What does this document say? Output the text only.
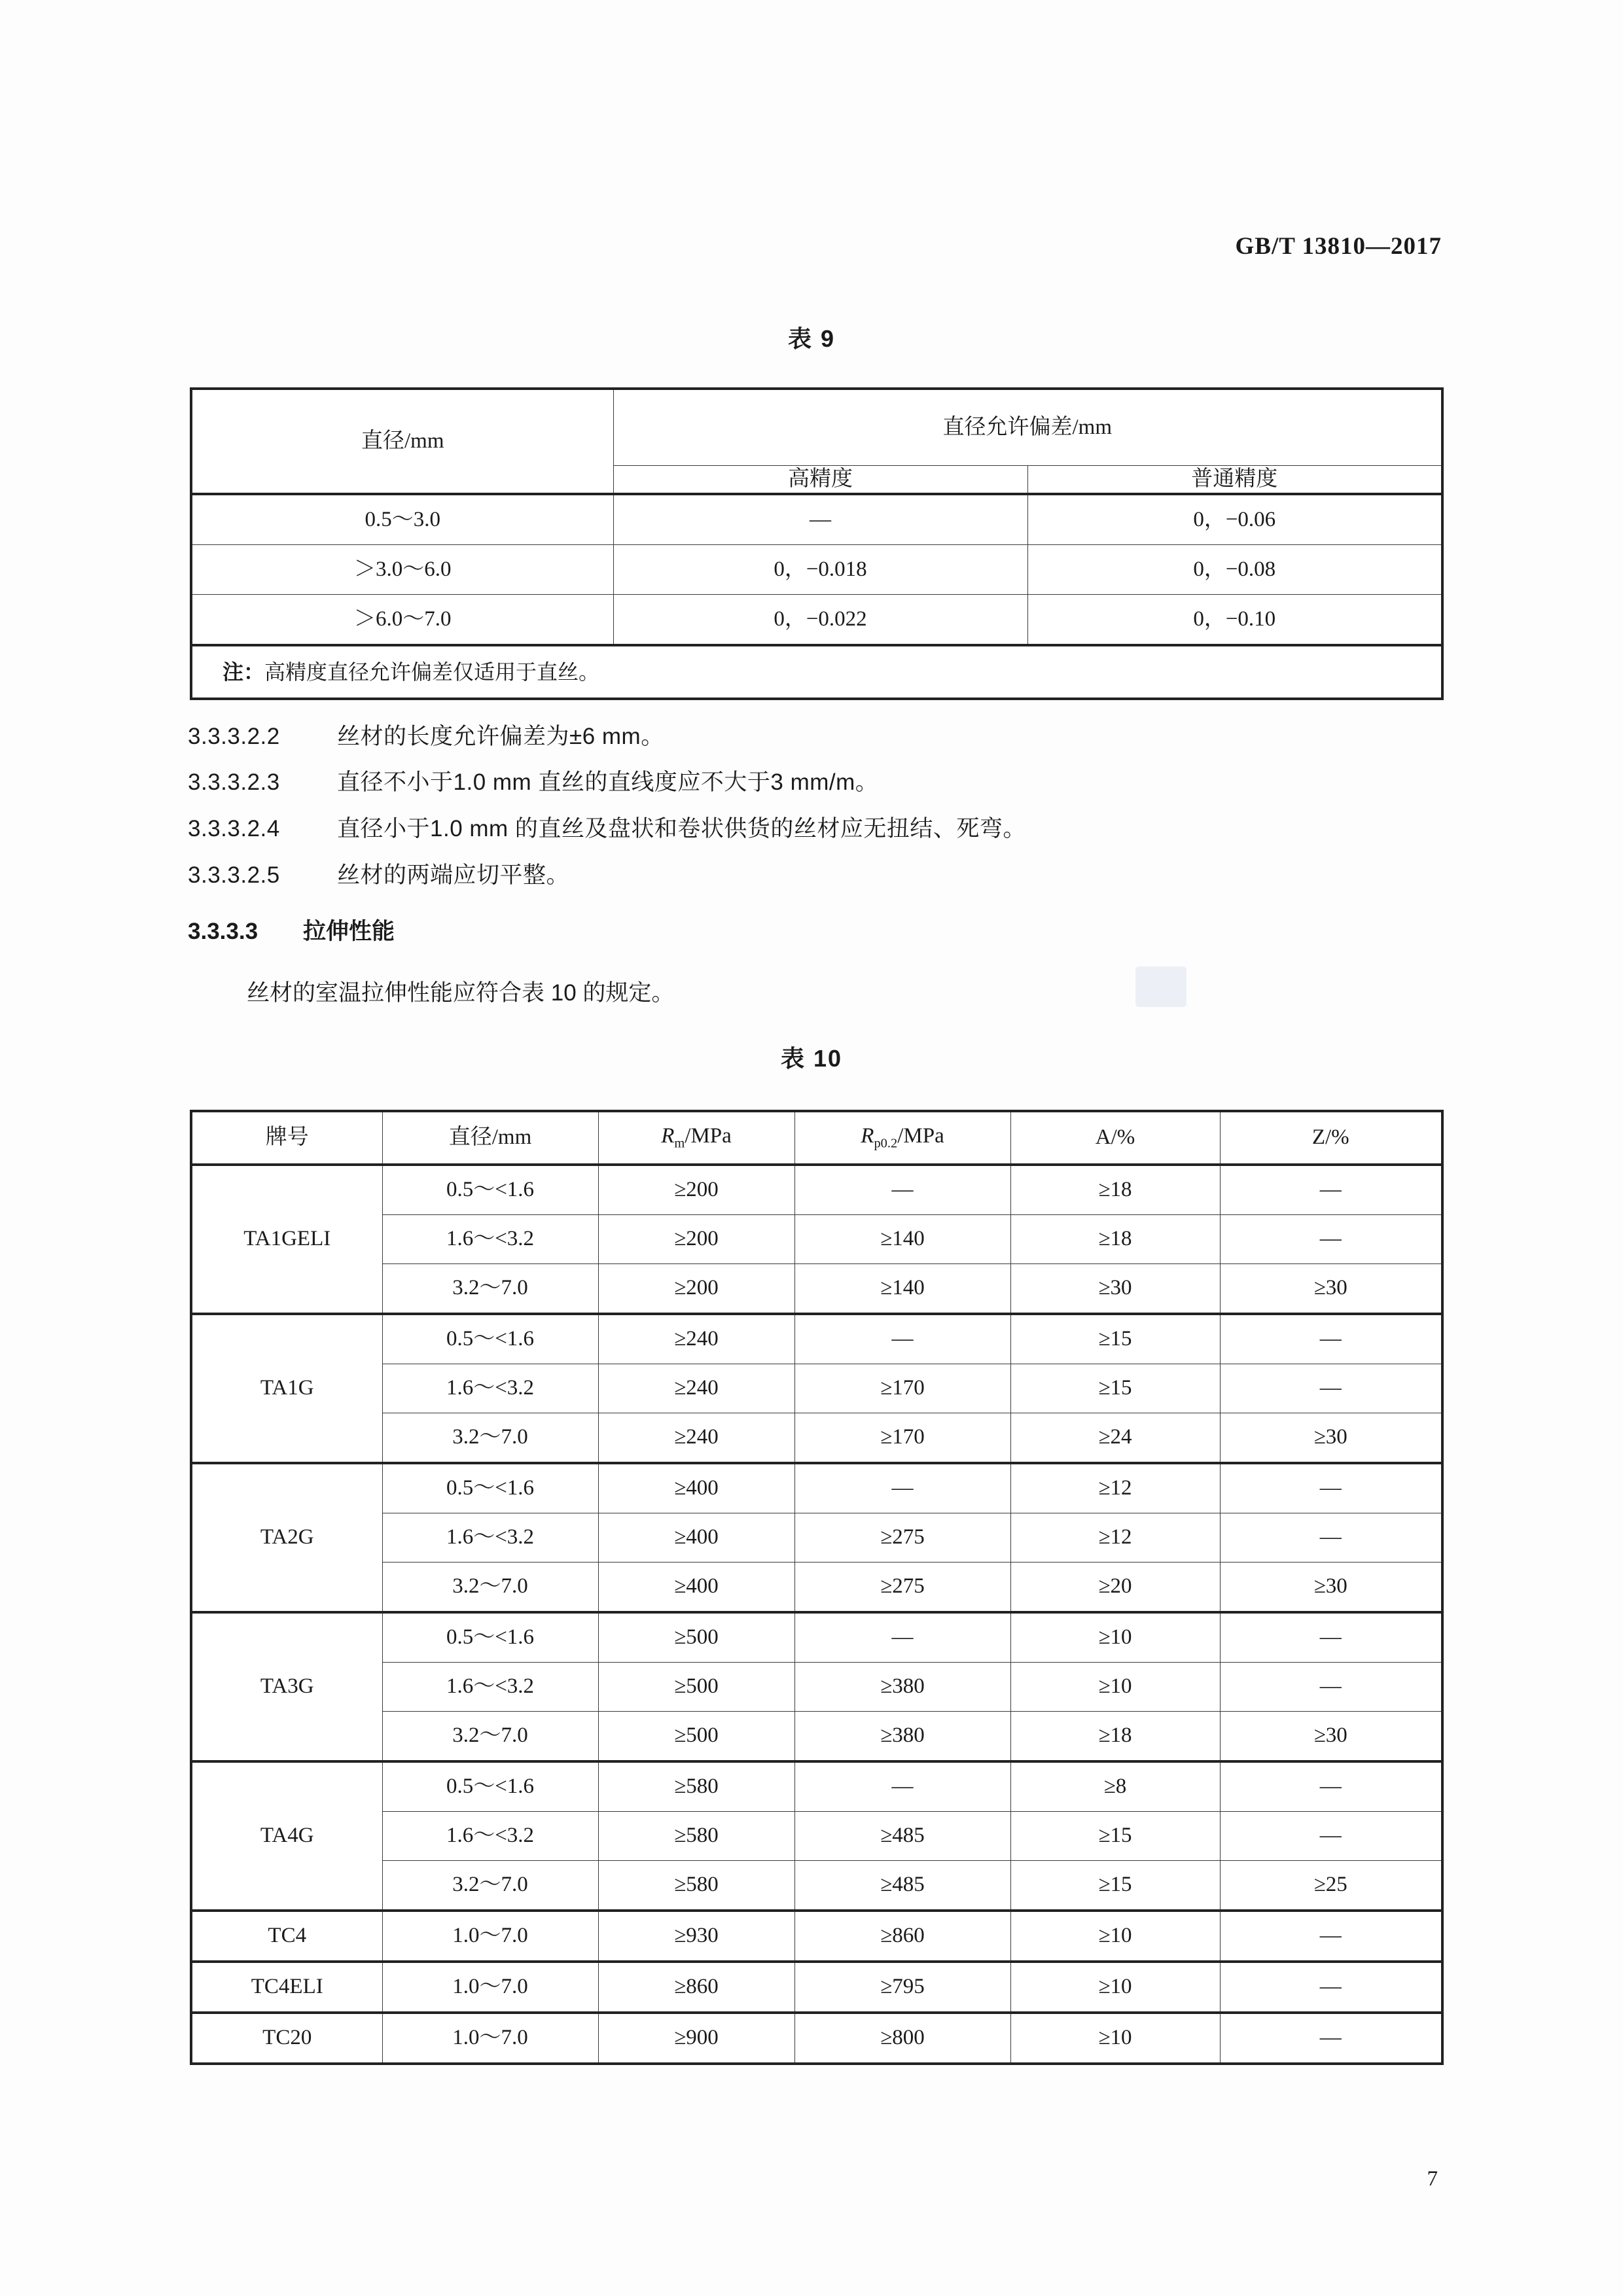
GB/T 13810—2017
表 9
直径/mm	直径允许偏差/mm	
	高精度	普通精度
0.5～3.0	—	0，−0.06
＞3.0～6.0	0，−0.018	0，−0.08
＞6.0～7.0	0，−0.022	0，−0.10
注：高精度直径允许偏差仅适用于直丝。		
3.3.3.2.2 丝材的长度允许偏差为±6 mm。
3.3.3.2.3 直径不小于1.0 mm 直丝的直线度应不大于3 mm/m。
3.3.3.2.4 直径小于1.0 mm 的直丝及盘状和卷状供货的丝材应无扭结、死弯。
3.3.3.2.5 丝材的两端应切平整。
3.3.3.3 拉伸性能
丝材的室温拉伸性能应符合表 10 的规定。
表 10
牌号	直径/mm	$R_m$/MPa	$R_{p0.2}$/MPa	A/%	Z/%
TA1GELI	0.5～<1.6	≥200	—	≥18	—
	1.6～<3.2	≥200	≥140	≥18	—
	3.2～7.0	≥200	≥140	≥30	≥30
TA1G	0.5～<1.6	≥240	—	≥15	—
	1.6～<3.2	≥240	≥170	≥15	—
	3.2～7.0	≥240	≥170	≥24	≥30
TA2G	0.5～<1.6	≥400	—	≥12	—
	1.6～<3.2	≥400	≥275	≥12	—
	3.2～7.0	≥400	≥275	≥20	≥30
TA3G	0.5～<1.6	≥500	—	≥10	—
	1.6～<3.2	≥500	≥380	≥10	—
	3.2～7.0	≥500	≥380	≥18	≥30
TA4G	0.5～<1.6	≥580	—	≥8	—
	1.6～<3.2	≥580	≥485	≥15	—
	3.2～7.0	≥580	≥485	≥15	≥25
TC4	1.0～7.0	≥930	≥860	≥10	—
TC4ELI	1.0～7.0	≥860	≥795	≥10	—
TC20	1.0～7.0	≥900	≥800	≥10	—
7
